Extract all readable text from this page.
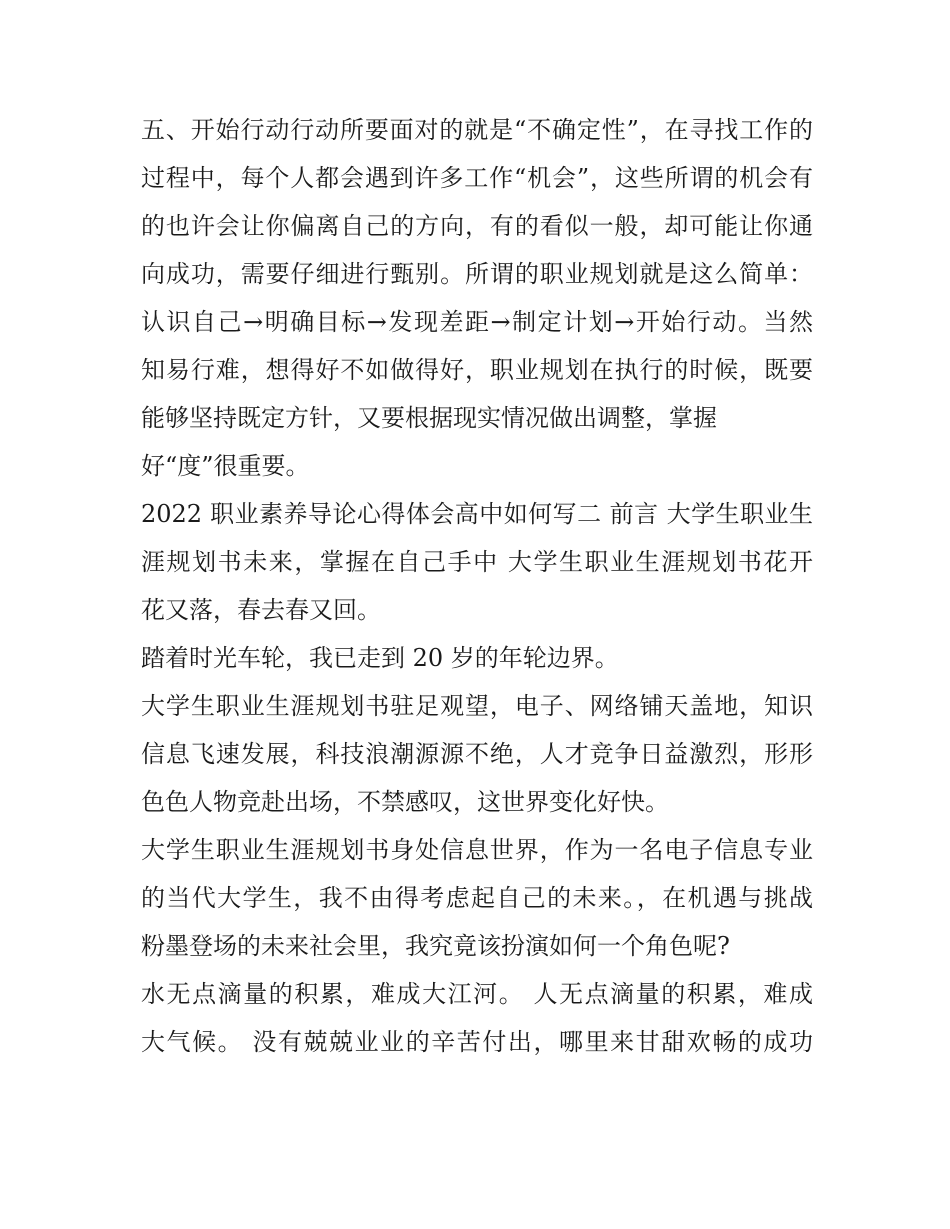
五、开始行动行动所要面对的就是“不确定性”，在寻找工作的
过程中，每个人都会遇到许多工作“机会”，这些所谓的机会有
的也许会让你偏离自己的方向，有的看似一般，却可能让你通
向成功，需要仔细进行甄别。所谓的职业规划就是这么简单：
认识自己→明确目标→发现差距→制定计划→开始行动。当然
知易行难，想得好不如做得好，职业规划在执行的时候，既要
能够坚持既定方针，又要根据现实情况做出调整，掌握
好“度”很重要。
2022 职业素养导论心得体会高中如何写二 前言 大学生职业生
涯规划书未来，掌握在自己手中 大学生职业生涯规划书花开
花又落，春去春又回。
踏着时光车轮，我已走到 20 岁的年轮边界。
大学生职业生涯规划书驻足观望，电子、网络铺天盖地，知识
信息飞速发展，科技浪潮源源不绝，人才竞争日益激烈，形形
色色人物竞赴出场，不禁感叹，这世界变化好快。
大学生职业生涯规划书身处信息世界，作为一名电子信息专业
的当代大学生，我不由得考虑起自己的未来。，在机遇与挑战
粉墨登场的未来社会里，我究竟该扮演如何一个角色呢?
水无点滴量的积累，难成大江河。 人无点滴量的积累，难成
大气候。 没有兢兢业业的辛苦付出，哪里来甘甜欢畅的成功
